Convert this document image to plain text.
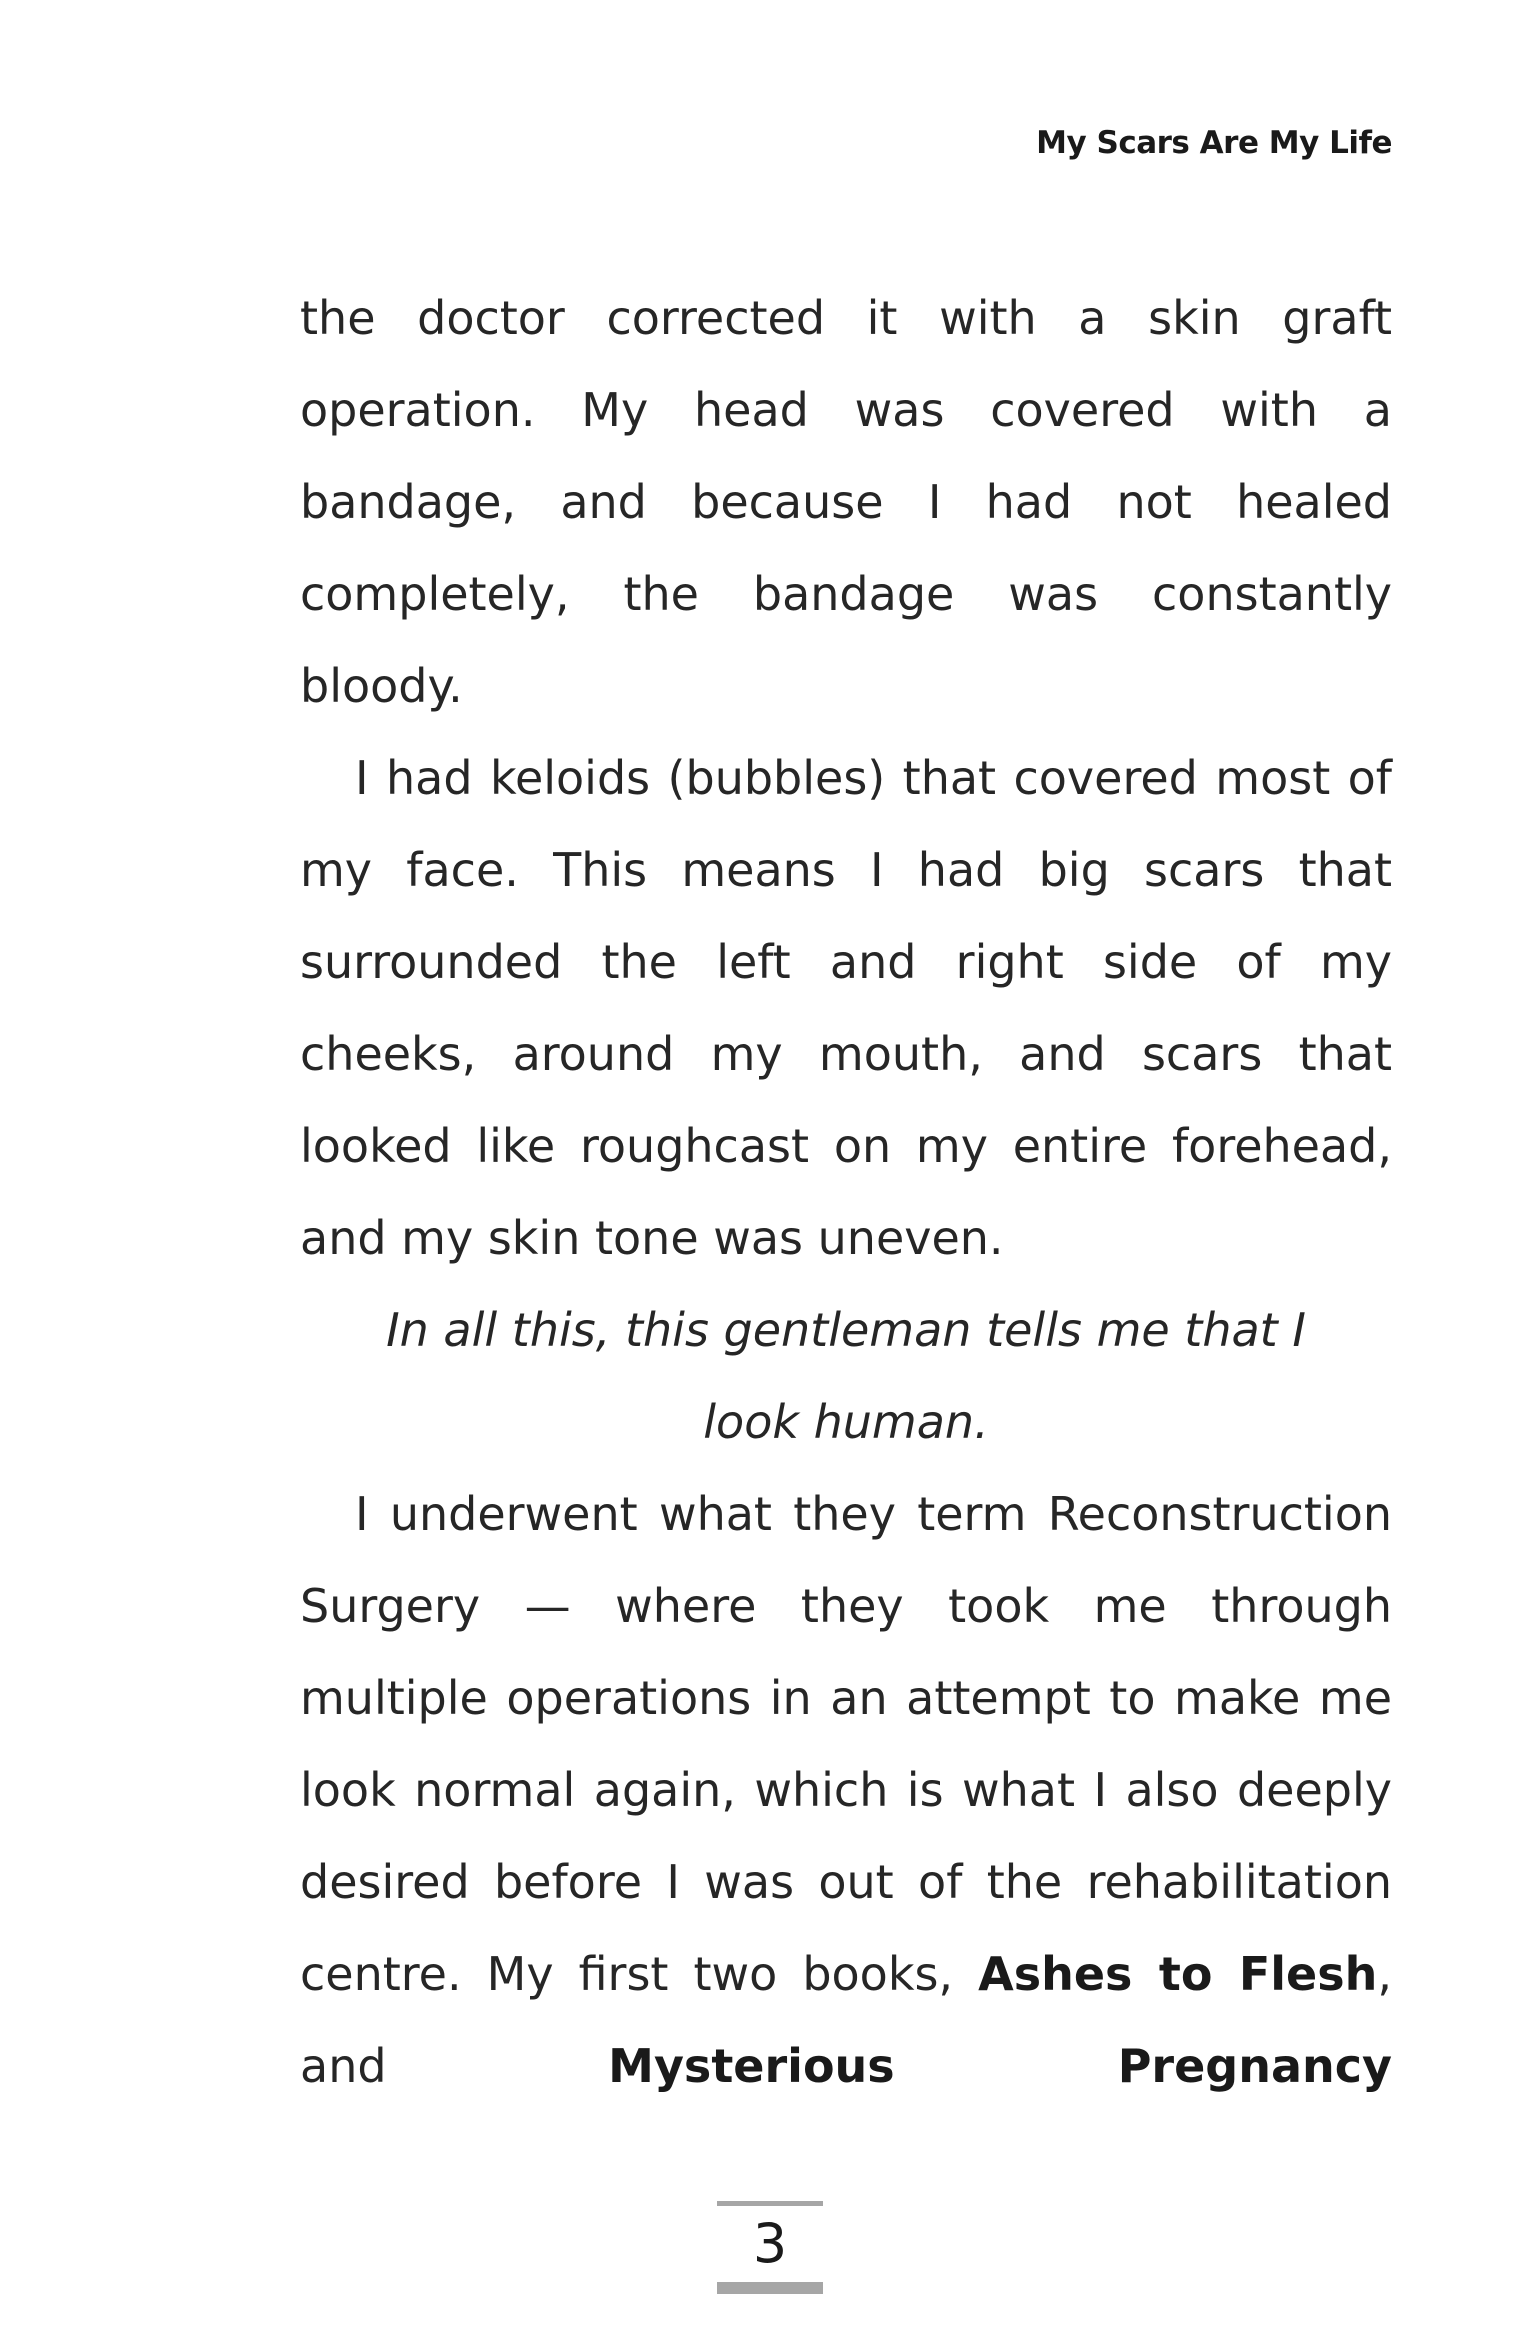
My Scars Are My Life

the doctor corrected it with a skin graft operation. My head was covered with a bandage, and because I had not healed completely, the bandage was constantly bloody.

I had keloids (bubbles) that covered most of my face. This means I had big scars that surrounded the left and right side of my cheeks, around my mouth, and scars that looked like roughcast on my entire forehead, and my skin tone was uneven.

In all this, this gentleman tells me that I
look human.

I underwent what they term Reconstruction Surgery — where they took me through multiple operations in an attempt to make me look normal again, which is what I also deeply desired before I was out of the rehabilitation centre. My first two books, Ashes to Flesh, and	Mysterious Pregnancy

3
